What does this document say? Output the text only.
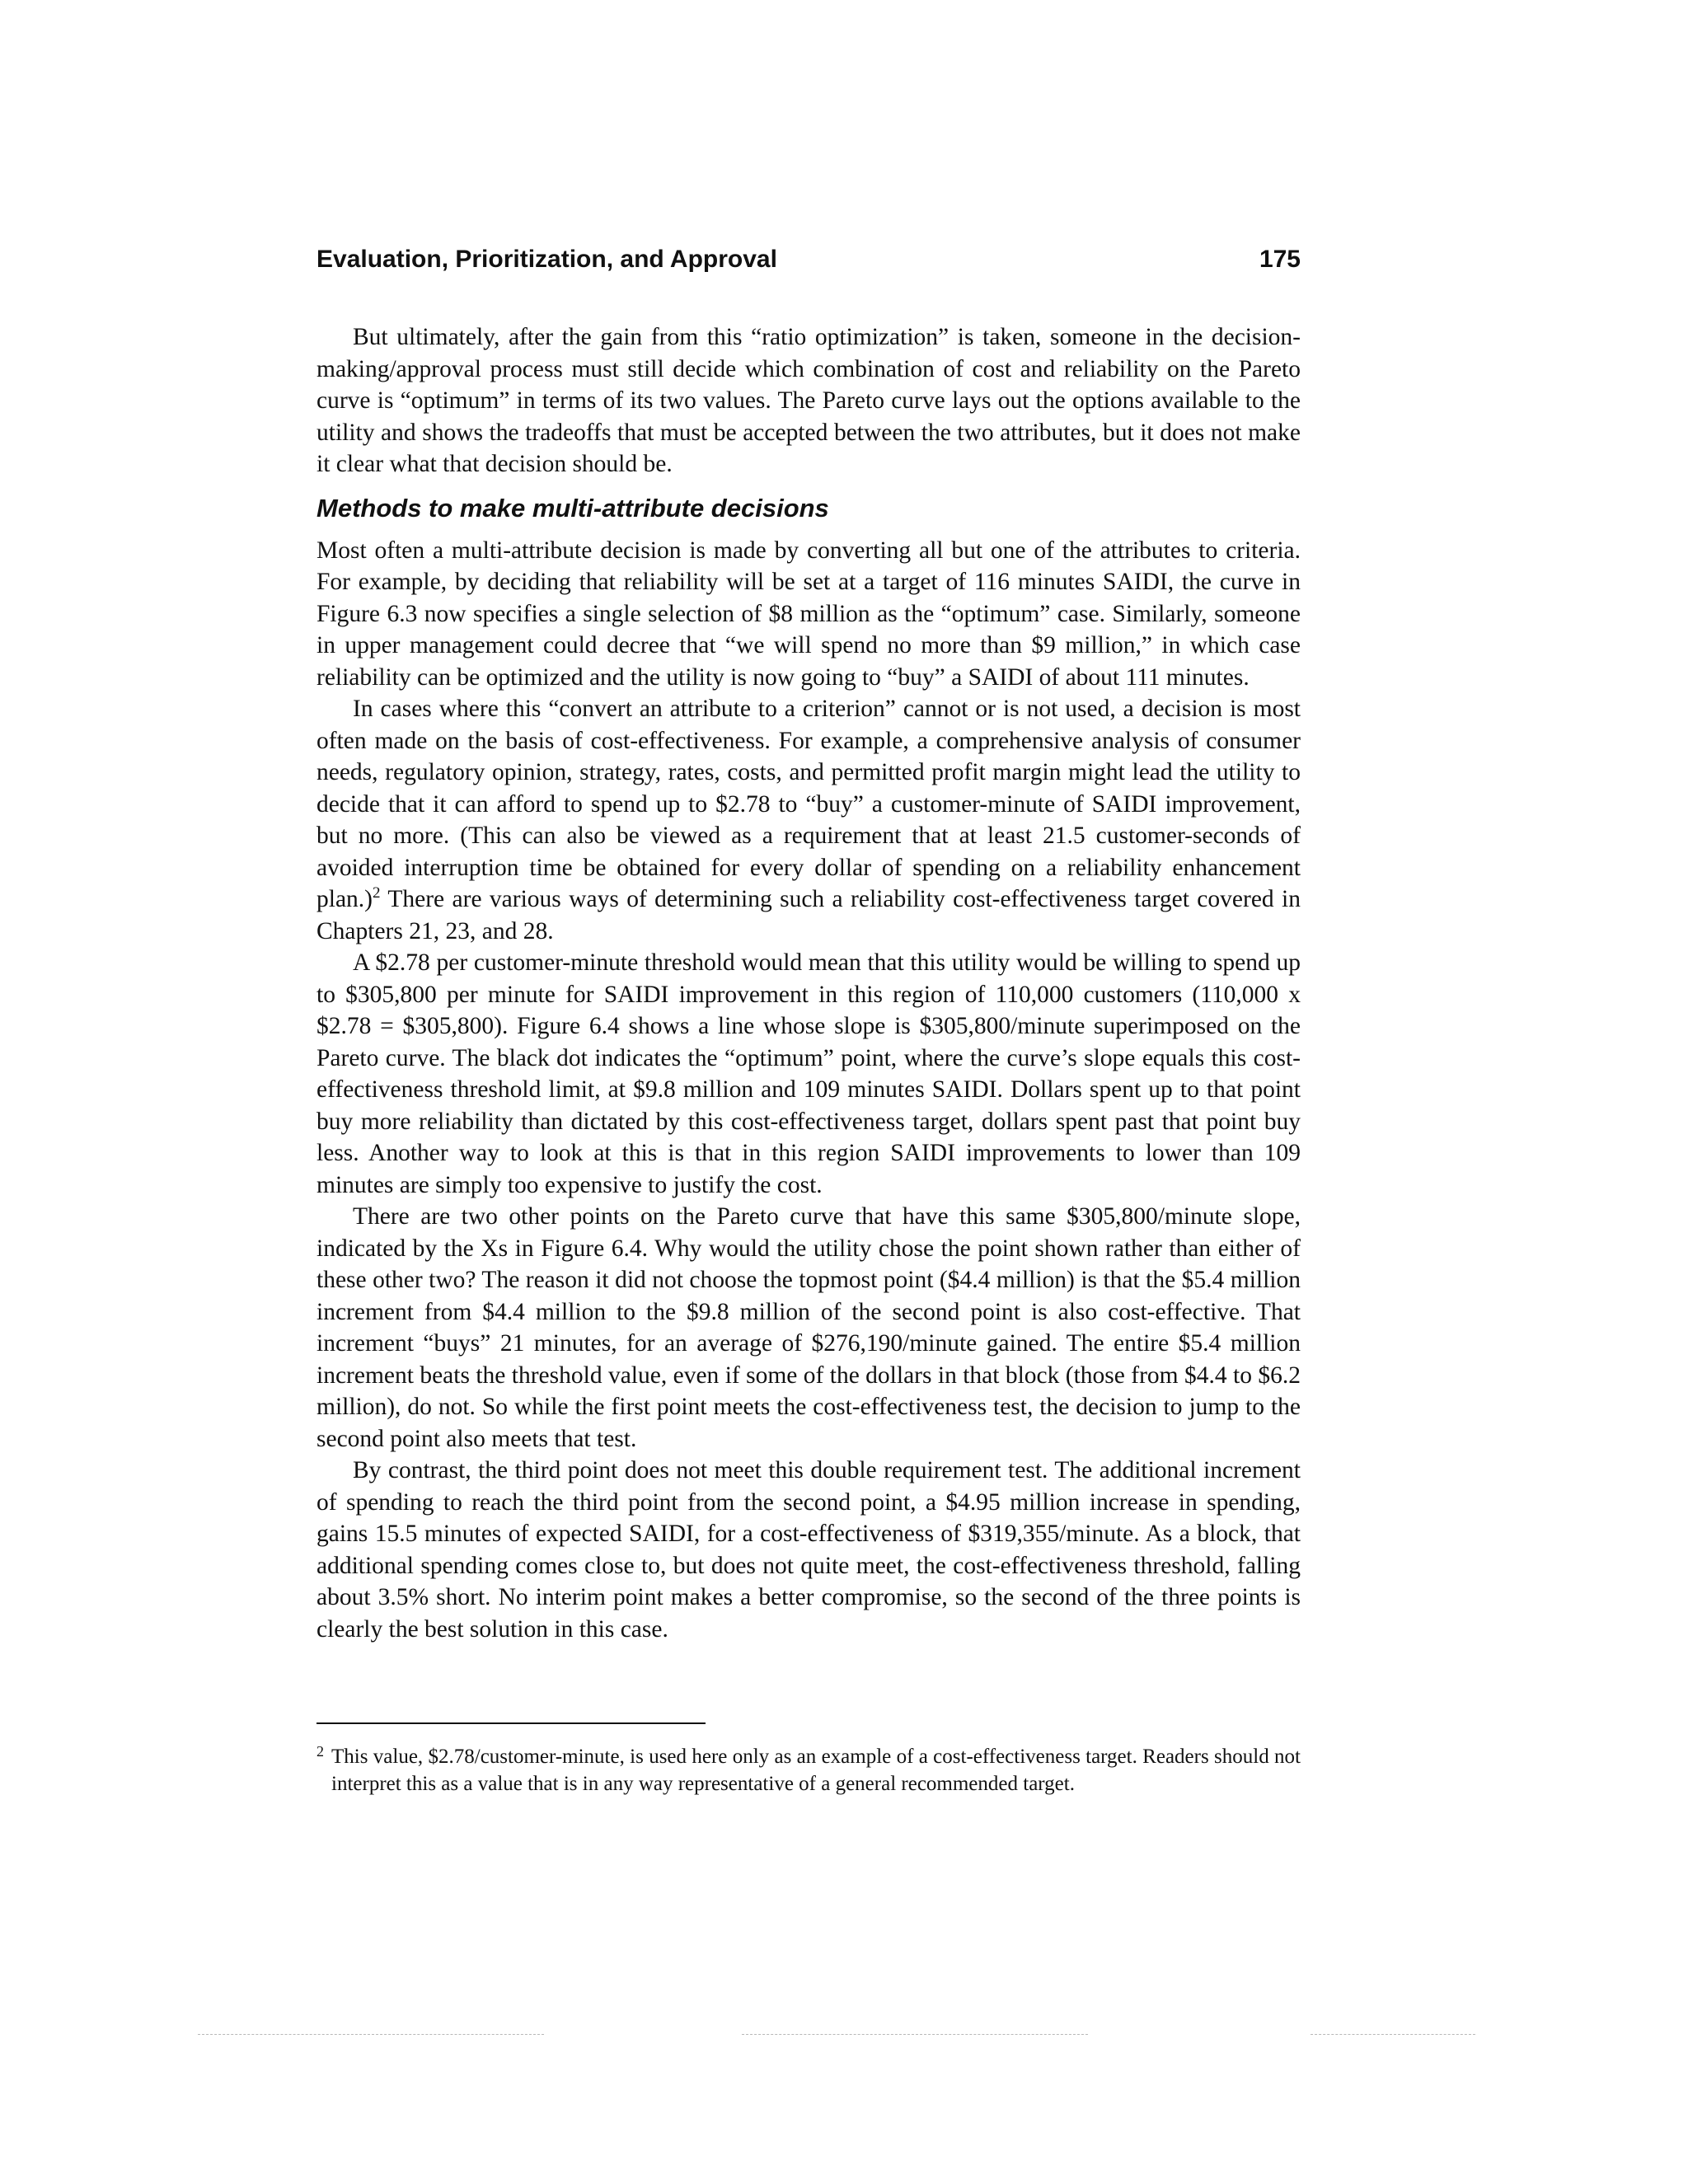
Evaluation, Prioritization, and Approval	175

But ultimately, after the gain from this “ratio optimization” is taken, someone in the decision-making/approval process must still decide which combination of cost and reliability on the Pareto curve is “optimum” in terms of its two values. The Pareto curve lays out the options available to the utility and shows the tradeoffs that must be accepted between the two attributes, but it does not make it clear what that decision should be.

Methods to make multi-attribute decisions

Most often a multi-attribute decision is made by converting all but one of the attributes to criteria. For example, by deciding that reliability will be set at a target of 116 minutes SAIDI, the curve in Figure 6.3 now specifies a single selection of $8 million as the “optimum” case. Similarly, someone in upper management could decree that “we will spend no more than $9 million,” in which case reliability can be optimized and the utility is now going to “buy” a SAIDI of about 111 minutes.

In cases where this “convert an attribute to a criterion” cannot or is not used, a decision is most often made on the basis of cost-effectiveness. For example, a comprehensive analysis of consumer needs, regulatory opinion, strategy, rates, costs, and permitted profit margin might lead the utility to decide that it can afford to spend up to $2.78 to “buy” a customer-minute of SAIDI improvement, but no more. (This can also be viewed as a requirement that at least 21.5 customer-seconds of avoided interruption time be obtained for every dollar of spending on a reliability enhancement plan.)$^2$ There are various ways of determining such a reliability cost-effectiveness target covered in Chapters 21, 23, and 28.

A $2.78 per customer-minute threshold would mean that this utility would be willing to spend up to $305,800 per minute for SAIDI improvement in this region of 110,000 customers (110,000 x $2.78 = $305,800). Figure 6.4 shows a line whose slope is $305,800/minute superimposed on the Pareto curve. The black dot indicates the “optimum” point, where the curve’s slope equals this cost-effectiveness threshold limit, at $9.8 million and 109 minutes SAIDI. Dollars spent up to that point buy more reliability than dictated by this cost-effectiveness target, dollars spent past that point buy less. Another way to look at this is that in this region SAIDI improvements to lower than 109 minutes are simply too expensive to justify the cost.

There are two other points on the Pareto curve that have this same $305,800/minute slope, indicated by the Xs in Figure 6.4. Why would the utility chose the point shown rather than either of these other two? The reason it did not choose the topmost point ($4.4 million) is that the $5.4 million increment from $4.4 million to the $9.8 million of the second point is also cost-effective. That increment “buys” 21 minutes, for an average of $276,190/minute gained. The entire $5.4 million increment beats the threshold value, even if some of the dollars in that block (those from $4.4 to $6.2 million), do not. So while the first point meets the cost-effectiveness test, the decision to jump to the second point also meets that test.

By contrast, the third point does not meet this double requirement test. The additional increment of spending to reach the third point from the second point, a $4.95 million increase in spending, gains 15.5 minutes of expected SAIDI, for a cost-effectiveness of $319,355/minute. As a block, that additional spending comes close to, but does not quite meet, the cost-effectiveness threshold, falling about 3.5% short. No interim point makes a better compromise, so the second of the three points is clearly the best solution in this case.

2 This value, $2.78/customer-minute, is used here only as an example of a cost-effectiveness target. Readers should not interpret this as a value that is in any way representative of a general recommended target.
